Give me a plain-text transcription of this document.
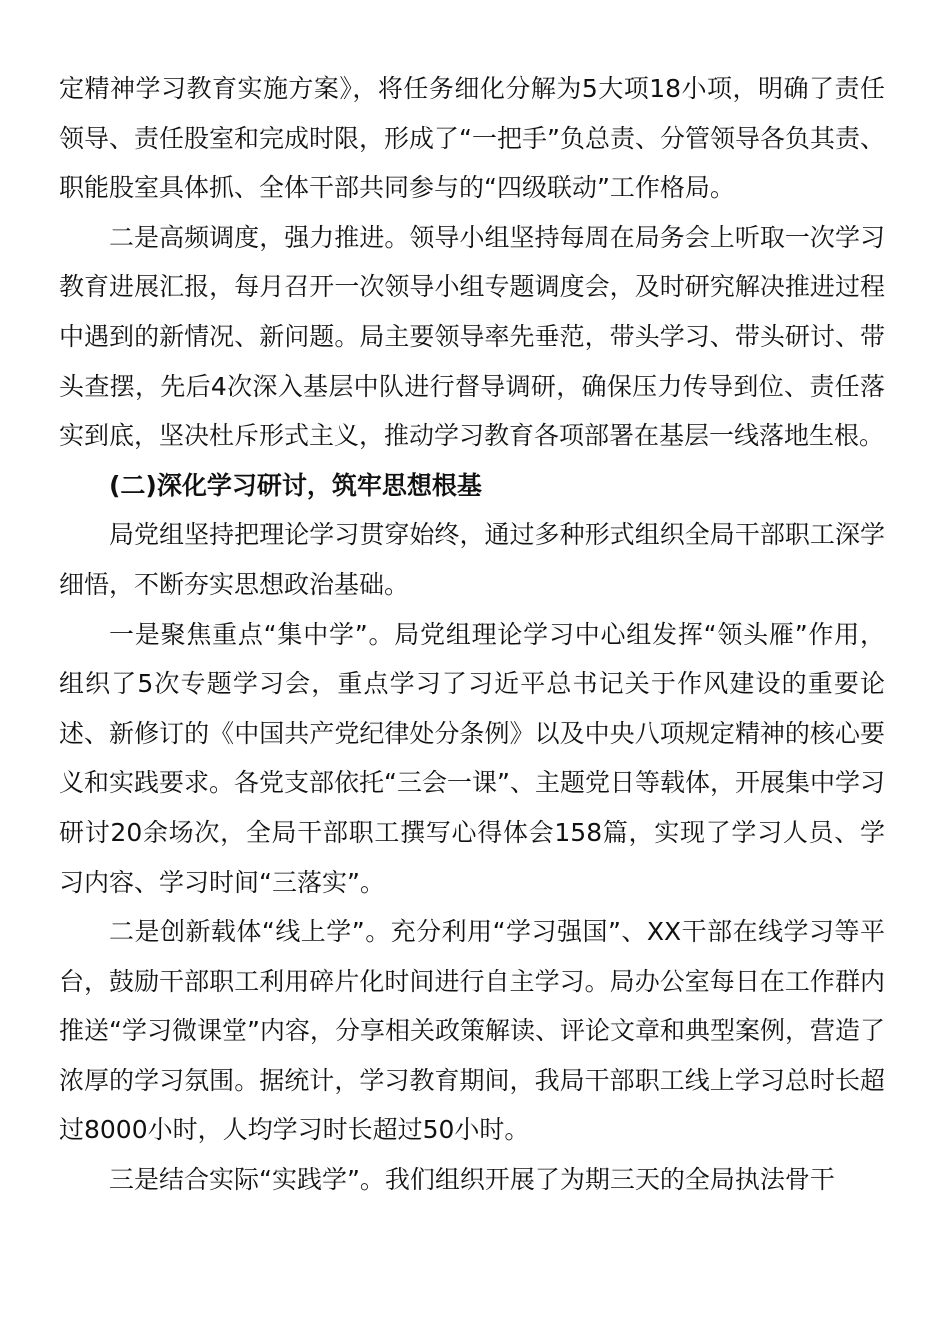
定精神学习教育实施方案》，将任务细化分解为5大项18小项，明确了责任领导、责任股室和完成时限，形成了“一把手”负总责、分管领导各负其责、职能股室具体抓、全体干部共同参与的“四级联动”工作格局。

二是高频调度，强力推进。领导小组坚持每周在局务会上听取一次学习教育进展汇报，每月召开一次领导小组专题调度会，及时研究解决推进过程中遇到的新情况、新问题。局主要领导率先垂范，带头学习、带头研讨、带头查摆，先后4次深入基层中队进行督导调研，确保压力传导到位、责任落实到底，坚决杜斥形式主义，推动学习教育各项部署在基层一线落地生根。

(二)深化学习研讨，筑牢思想根基

局党组坚持把理论学习贯穿始终，通过多种形式组织全局干部职工深学细悟，不断夯实思想政治基础。

一是聚焦重点“集中学”。局党组理论学习中心组发挥“领头雁”作用，组织了5次专题学习会，重点学习了习近平总书记关于作风建设的重要论述、新修订的《中国共产党纪律处分条例》以及中央八项规定精神的核心要义和实践要求。各党支部依托“三会一课”、主题党日等载体，开展集中学习研讨20余场次，全局干部职工撰写心得体会158篇，实现了学习人员、学习内容、学习时间“三落实”。

二是创新载体“线上学”。充分利用“学习强国”、XX干部在线学习等平台，鼓励干部职工利用碎片化时间进行自主学习。局办公室每日在工作群内推送“学习微课堂”内容，分享相关政策解读、评论文章和典型案例，营造了浓厚的学习氛围。据统计，学习教育期间，我局干部职工线上学习总时长超过8000小时，人均学习时长超过50小时。

三是结合实际“实践学”。我们组织开展了为期三天的全局执法骨干
